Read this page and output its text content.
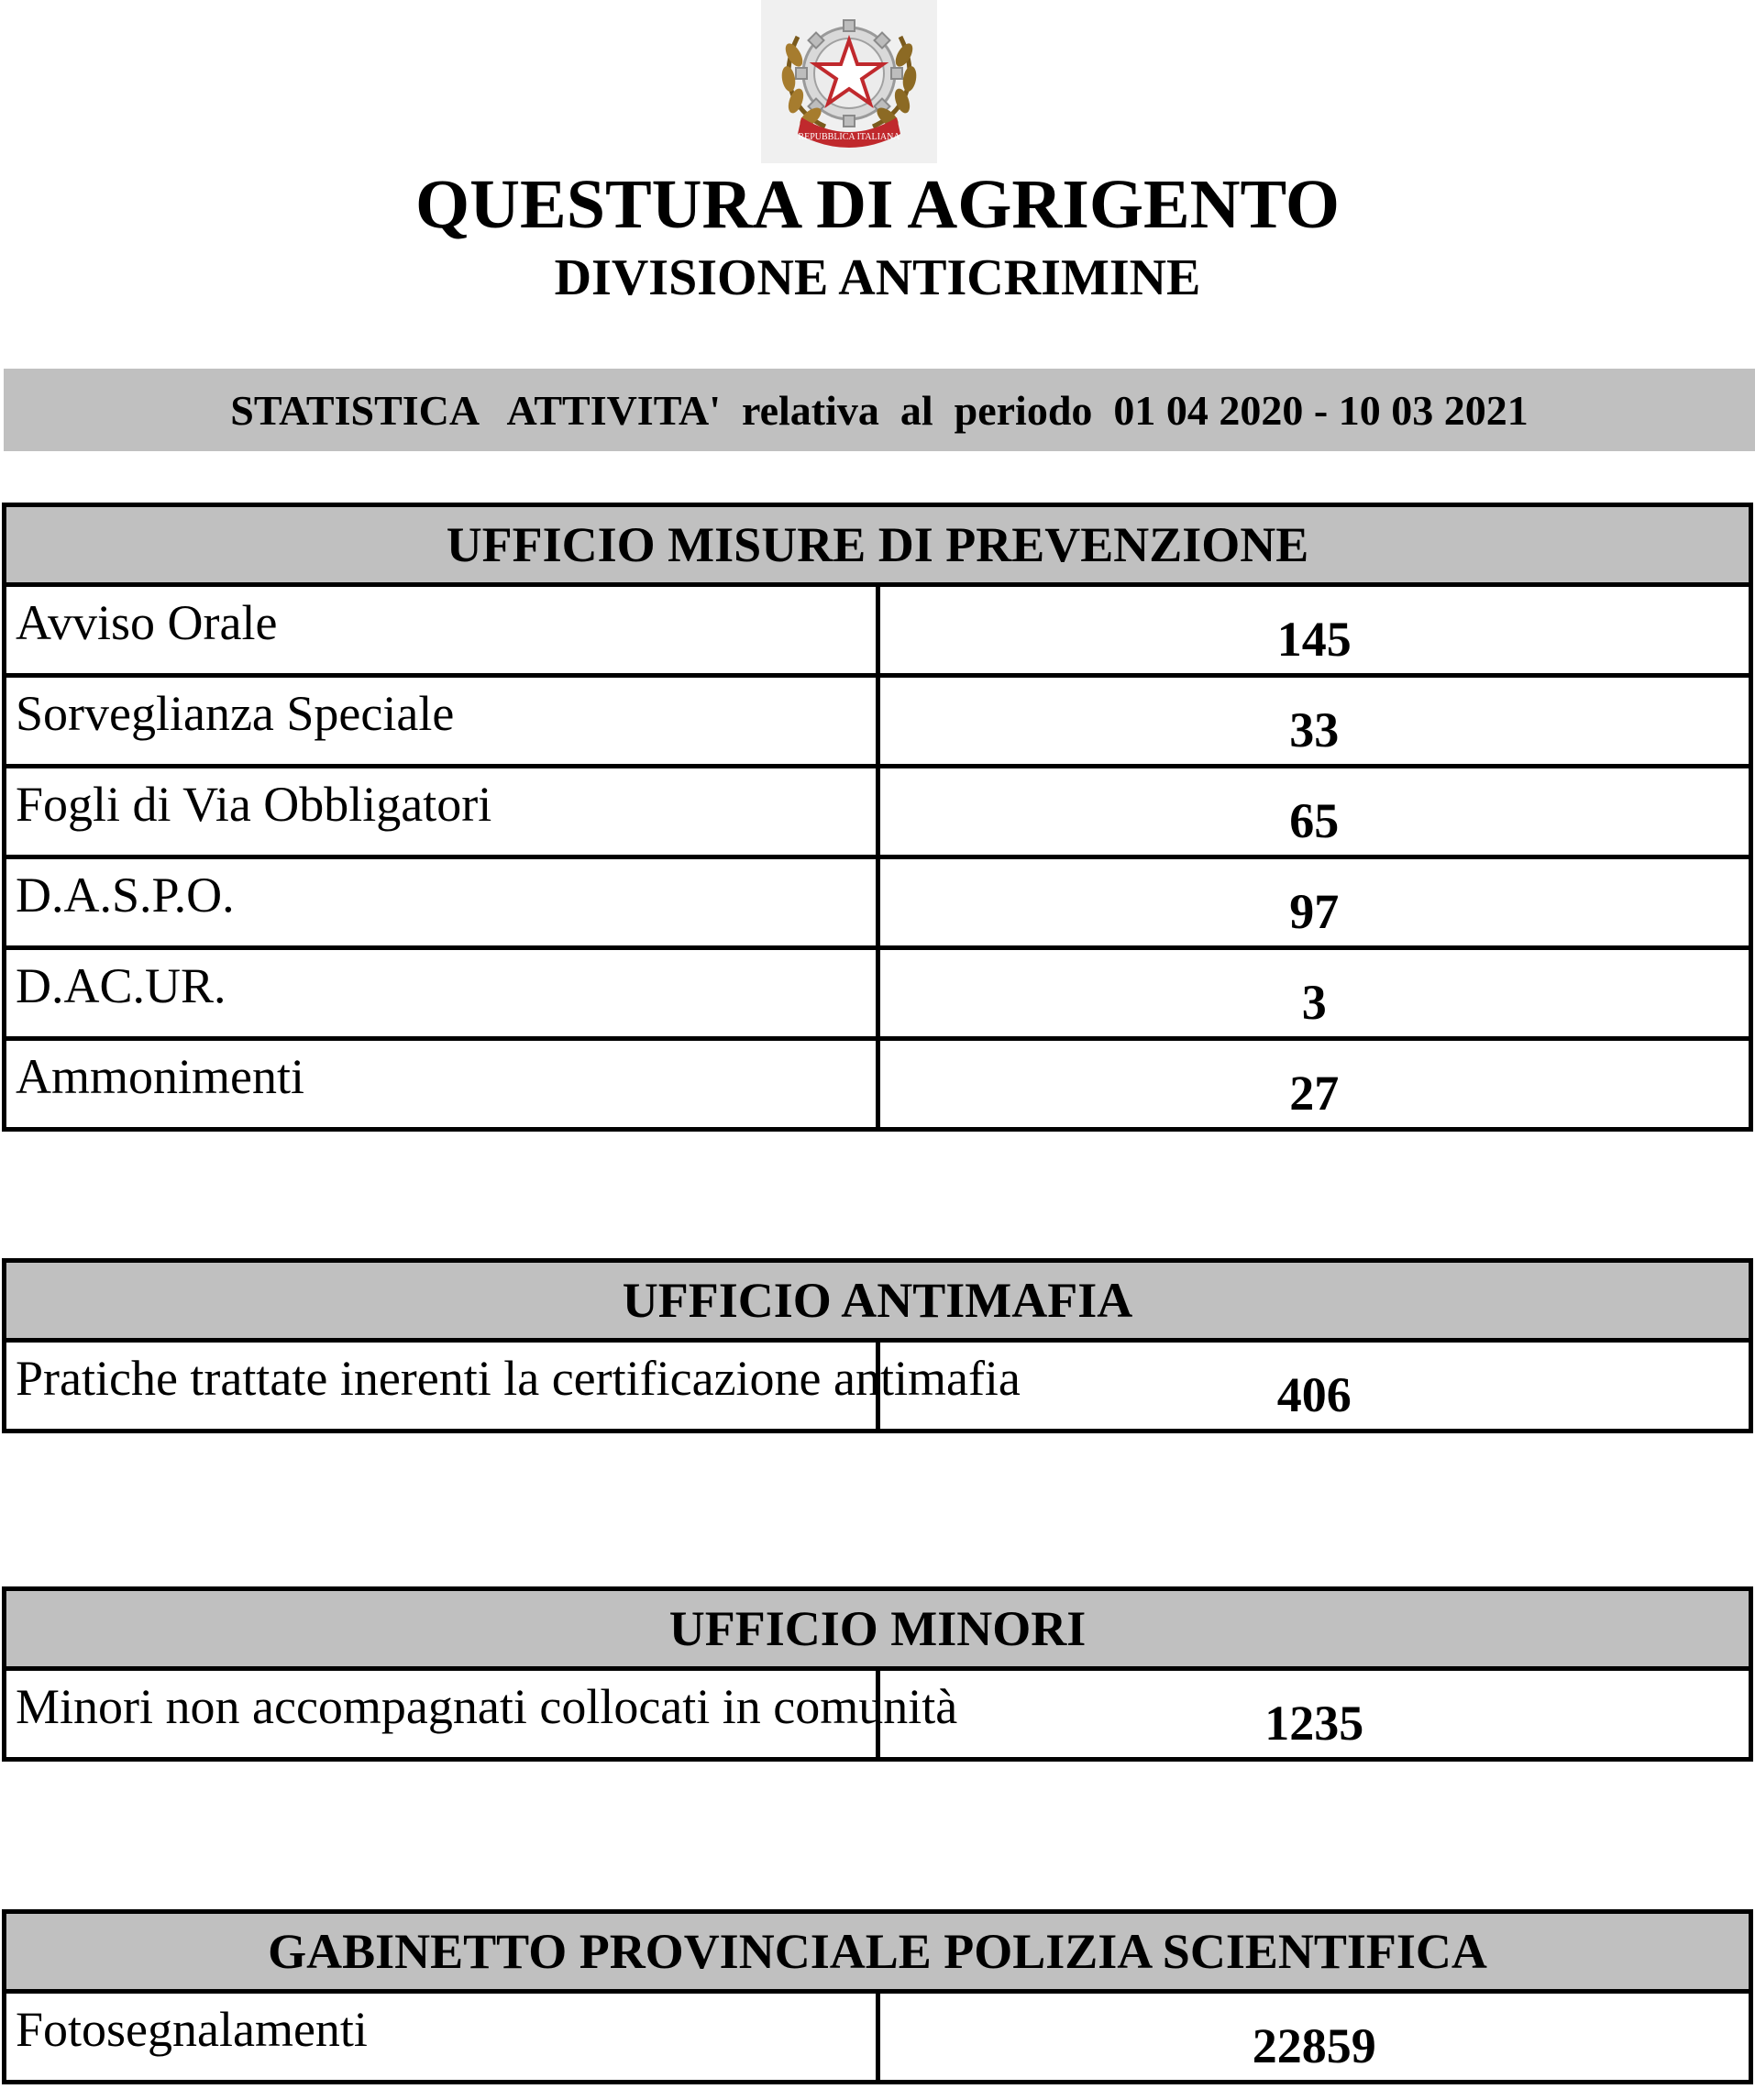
REPUBBLICA ITALIANA
QUESTURA DI AGRIGENTO
DIVISIONE ANTICRIMINE
STATISTICA   ATTIVITA'  relativa  al  periodo  01 04 2020 - 10 03 2021
UFFICIO MISURE DI PREVENZIONE	
Avviso Orale	145
Sorveglianza Speciale	33
Fogli di Via Obbligatori	65
D.A.S.P.O.	97
D.AC.UR.	3
Ammonimenti	27
UFFICIO ANTIMAFIA
Pratiche trattate inerenti la certificazione antimafia	406
UFFICIO MINORI
Minori non accompagnati collocati in comunità	1235
GABINETTO PROVINCIALE POLIZIA SCIENTIFICA
Fotosegnalamenti	22859
